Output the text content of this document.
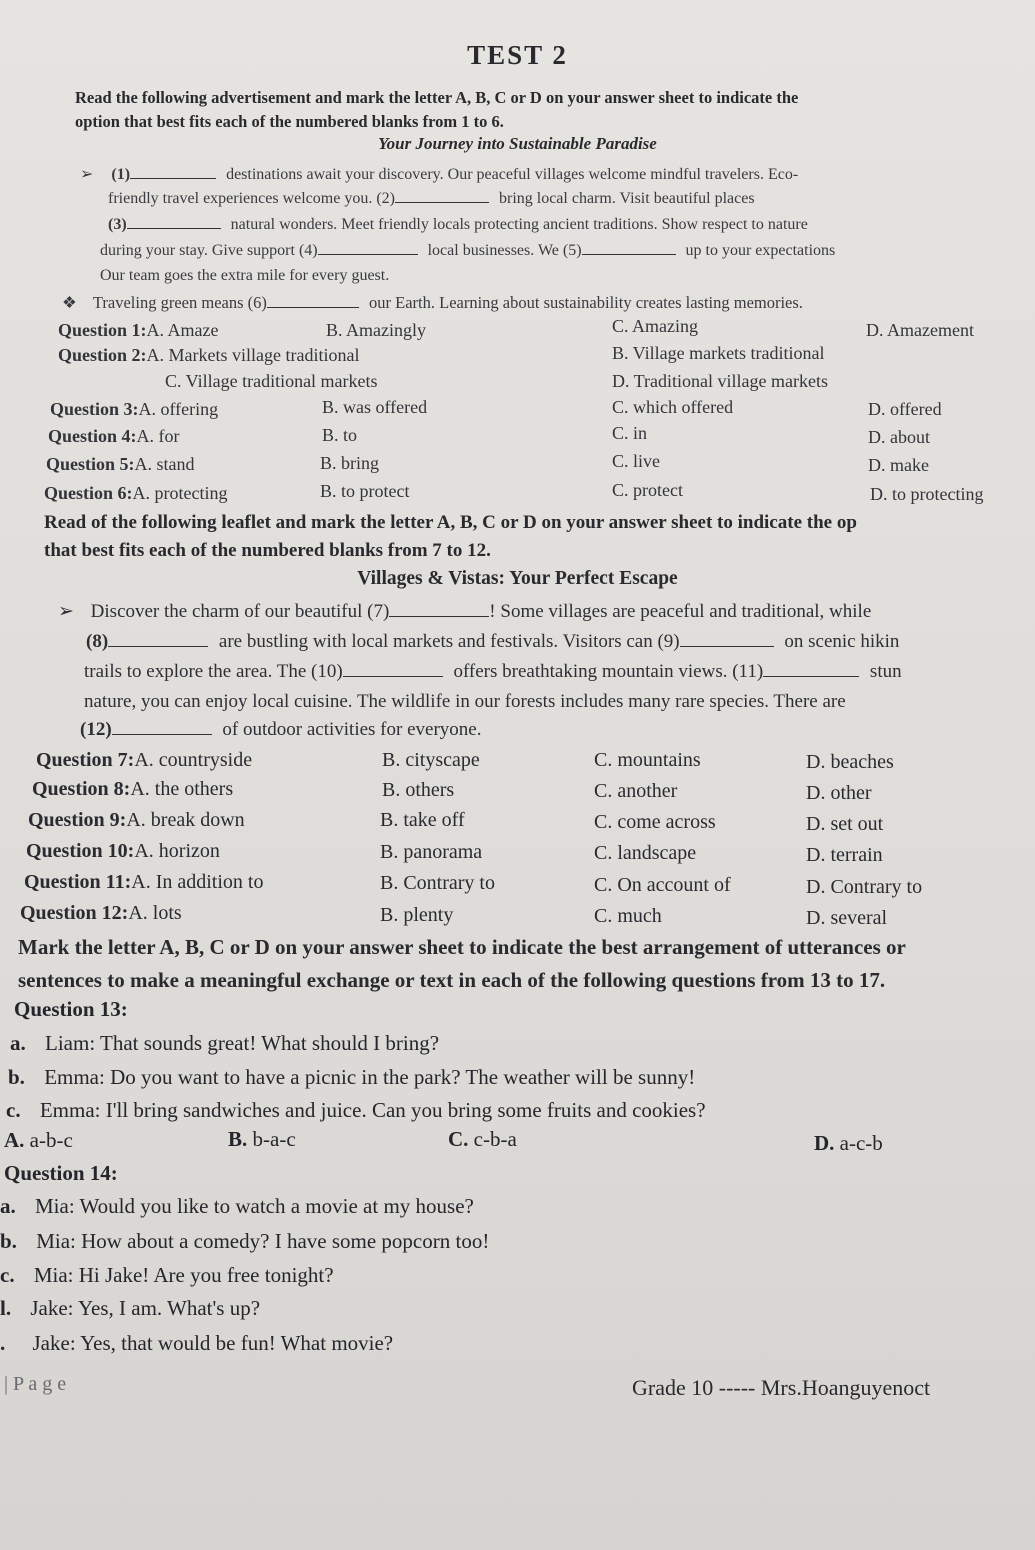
TEST 2
Read the following advertisement and mark the letter A, B, C or D on your answer sheet to indicate the
option that best fits each of the numbered blanks from 1 to 6.
Your Journey into Sustainable Paradise
➢ (1)	destinations await your discovery. Our peaceful villages welcome mindful travelers. Eco-
friendly travel experiences welcome you. (2)	bring local charm. Visit beautiful places
(3)	natural wonders. Meet friendly locals protecting ancient traditions. Show respect to nature
during your stay. Give support (4)	local businesses. We (5)	up to your expectations
Our team goes the extra mile for every guest.
❖ Traveling green means (6)	our Earth. Learning about sustainability creates lasting memories.
Question 1:A. Amaze	B. Amazingly	C. Amazing	D. Amazement
Question 2:A. Markets village traditional	B. Village markets traditional
C. Village traditional markets	D. Traditional village markets
Question 3:A. offering	B. was offered	C. which offered	D. offered
Question 4:A. for	B. to	C. in	D. about
Question 5:A. stand	B. bring	C. live	D. make
Question 6:A. protecting	B. to protect	C. protect	D. to protecting
Read of the following leaflet and mark the letter A, B, C or D on your answer sheet to indicate the op
that best fits each of the numbered blanks from 7 to 12.
Villages & Vistas: Your Perfect Escape
➢ Discover the charm of our beautiful (7)	! Some villages are peaceful and traditional, while
(8)	are bustling with local markets and festivals. Visitors can (9)	on scenic hikin
trails to explore the area. The (10)	offers breathtaking mountain views. (11)	stun
nature, you can enjoy local cuisine. The wildlife in our forests includes many rare species. There are
(12)	of outdoor activities for everyone.
Question 7:A. countryside	B. cityscape	C. mountains	D. beaches
Question 8:A. the others	B. others	C. another	D. other
Question 9:A. break down	B. take off	C. come across	D. set out
Question 10:A. horizon	B. panorama	C. landscape	D. terrain
Question 11:A. In addition to	B. Contrary to	C. On account of	D. Contrary to
Question 12:A. lots	B. plenty	C. much	D. several
Mark the letter A, B, C or D on your answer sheet to indicate the best arrangement of utterances or
sentences to make a meaningful exchange or text in each of the following questions from 13 to 17.
Question 13:
a. Liam: That sounds great! What should I bring?
b. Emma: Do you want to have a picnic in the park? The weather will be sunny!
c. Emma: I'll bring sandwiches and juice. Can you bring some fruits and cookies?
A. a-b-c	B. b-a-c	C. c-b-a	D. a-c-b
Question 14:
a. Mia: Would you like to watch a movie at my house?
b. Mia: How about a comedy? I have some popcorn too!
c. Mia: Hi Jake! Are you free tonight?
l. Jake: Yes, I am. What's up?
. Jake: Yes, that would be fun! What movie?
| P a g e	Grade 10 ----- Mrs.Hoanguyenoct
